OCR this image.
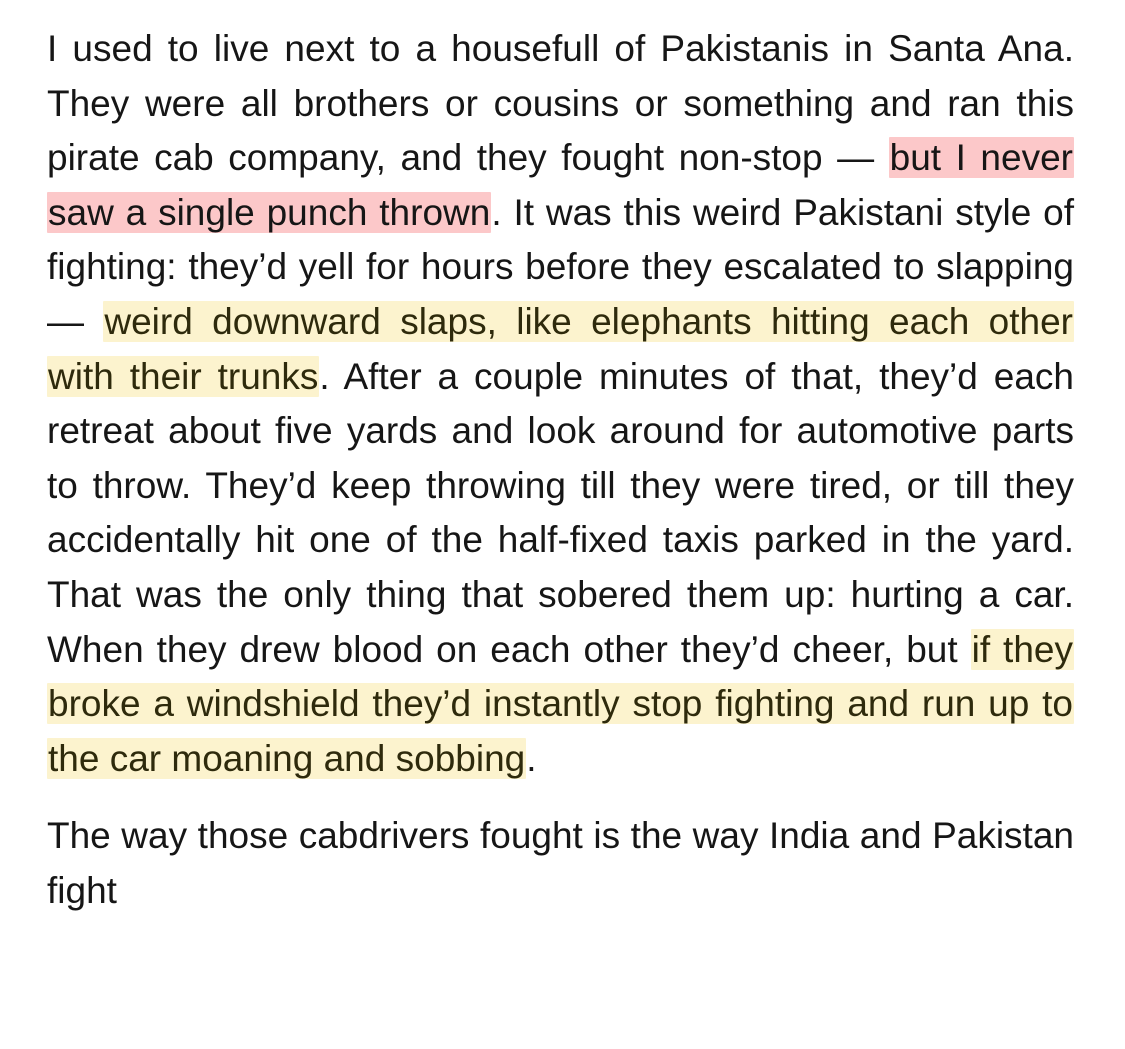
I used to live next to a housefull of Pakistanis in Santa Ana. They were all brothers or cousins or something and ran this pirate cab company, and they fought non-stop — but I never saw a single punch thrown. It was this weird Pakistani style of fighting: they’d yell for hours before they escalated to slapping — weird downward slaps, like elephants hitting each other with their trunks. After a couple minutes of that, they’d each retreat about five yards and look around for automotive parts to throw. They’d keep throwing till they were tired, or till they accidentally hit one of the half-fixed taxis parked in the yard. That was the only thing that sobered them up: hurting a car. When they drew blood on each other they’d cheer, but if they broke a windshield they’d instantly stop fighting and run up to the car moaning and sobbing.

The way those cabdrivers fought is the way India and Pakistan fight
